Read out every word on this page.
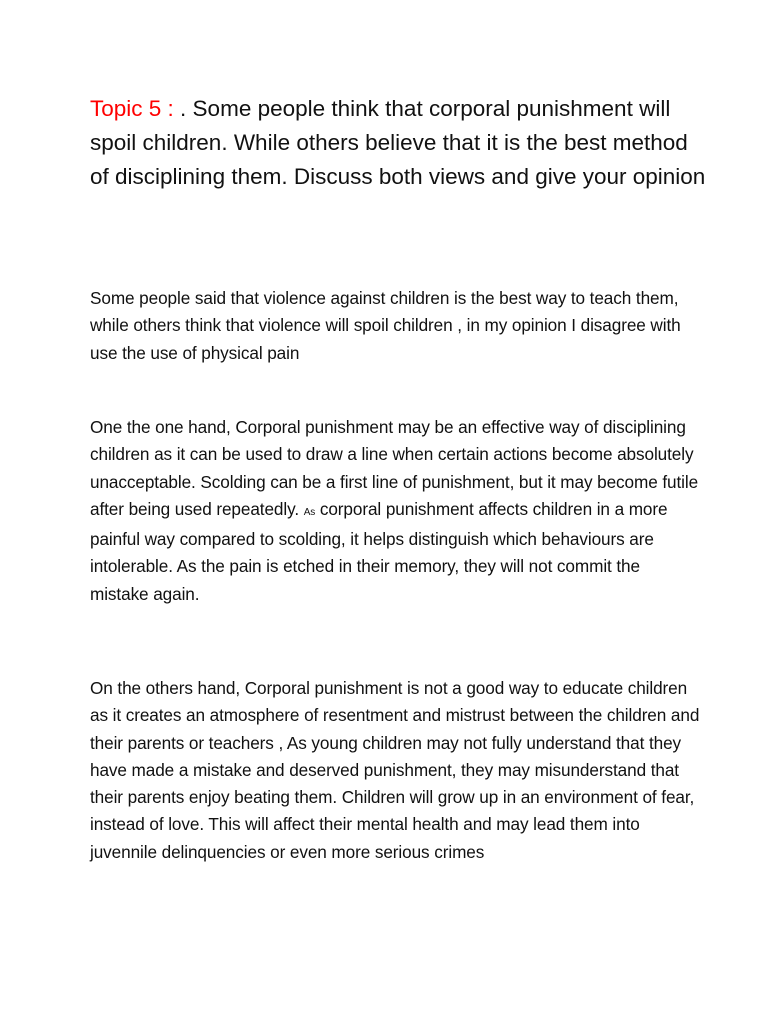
Topic 5 : . Some people think that corporal punishment will spoil children. While others believe that it is the best method of disciplining them. Discuss both views and give your opinion

Some people said that violence against children is the best way to teach them, while others think that violence will spoil children , in my opinion I disagree with use the use of physical pain

One the one hand, Corporal punishment may be an effective way of disciplining children as it can be used to draw a line when certain actions become absolutely unacceptable. Scolding can be a first line of punishment, but it may become futile after being used repeatedly. As corporal punishment affects children in a more painful way compared to scolding, it helps distinguish which behaviours are intolerable. As the pain is etched in their memory, they will not commit the mistake again.

On the others hand, Corporal punishment is not a good way to educate children as it creates an atmosphere of resentment and mistrust between the children and their parents or teachers , As young children may not fully understand that they have made a mistake and deserved punishment, they may misunderstand that their parents enjoy beating them. Children will grow up in an environment of fear, instead of love. This will affect their mental health and may lead them into juvennile delinquencies or even more serious crimes
